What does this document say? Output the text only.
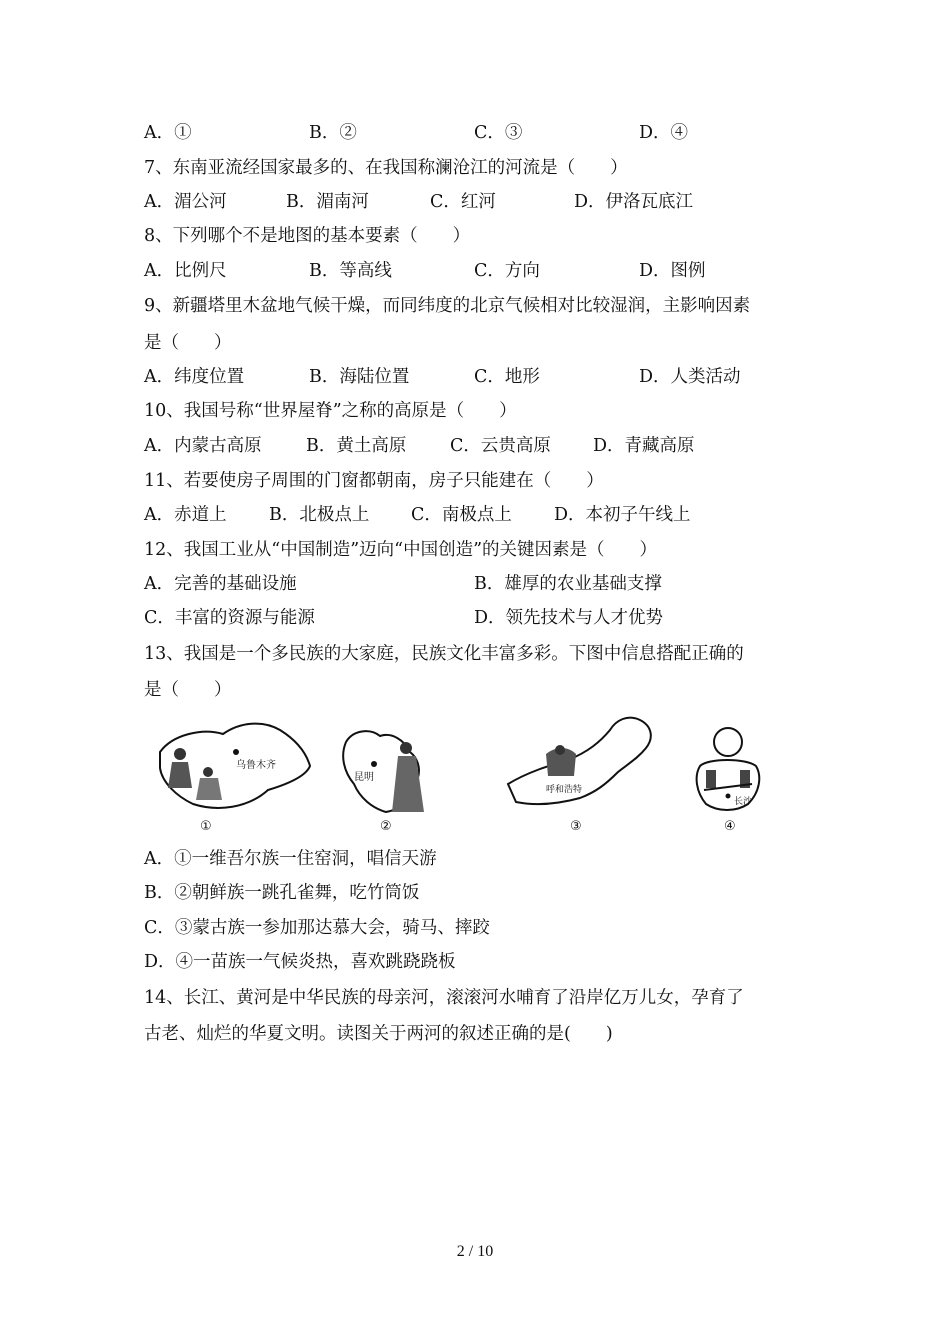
A．①	B．②	C．③	D．④
7、东南亚流经国家最多的、在我国称澜沧江的河流是（　　）
A．湄公河	B．湄南河	C．红河	D．伊洛瓦底江
8、下列哪个不是地图的基本要素（　　）
A．比例尺	B．等高线	C．方向	D．图例
9、新疆塔里木盆地气候干燥，而同纬度的北京气候相对比较湿润，主影响因素
是（　　）
A．纬度位置	B．海陆位置	C．地形	D．人类活动
10、我国号称“世界屋脊”之称的高原是（　　）
A．内蒙古高原	B．黄土高原 C．云贵高原 D．青藏高原
11、若要使房子周围的门窗都朝南，房子只能建在（　　）
A．赤道上 B．北极点上 C．南极点上 D．本初子午线上
12、我国工业从“中国制造”迈向“中国创造”的关键因素是（　　）
A．完善的基础设施	B．雄厚的农业基础支撑
C．丰富的资源与能源	D．领先技术与人才优势
13、我国是一个多民族的大家庭，民族文化丰富多彩。下图中信息搭配正确的
是（　　）
乌鲁木齐
①
昆明
②
呼和浩特
③
长沙
④
A．①一维吾尔族一住窑洞，唱信天游
B．②朝鲜族一跳孔雀舞，吃竹筒饭
C．③蒙古族一参加那达慕大会，骑马、摔跤
D．④一苗族一气候炎热，喜欢跳跷跷板
14、长江、黄河是中华民族的母亲河，滚滚河水哺育了沿岸亿万儿女，孕育了
古老、灿烂的华夏文明。读图关于两河的叙述正确的是(　　)
2 / 10
